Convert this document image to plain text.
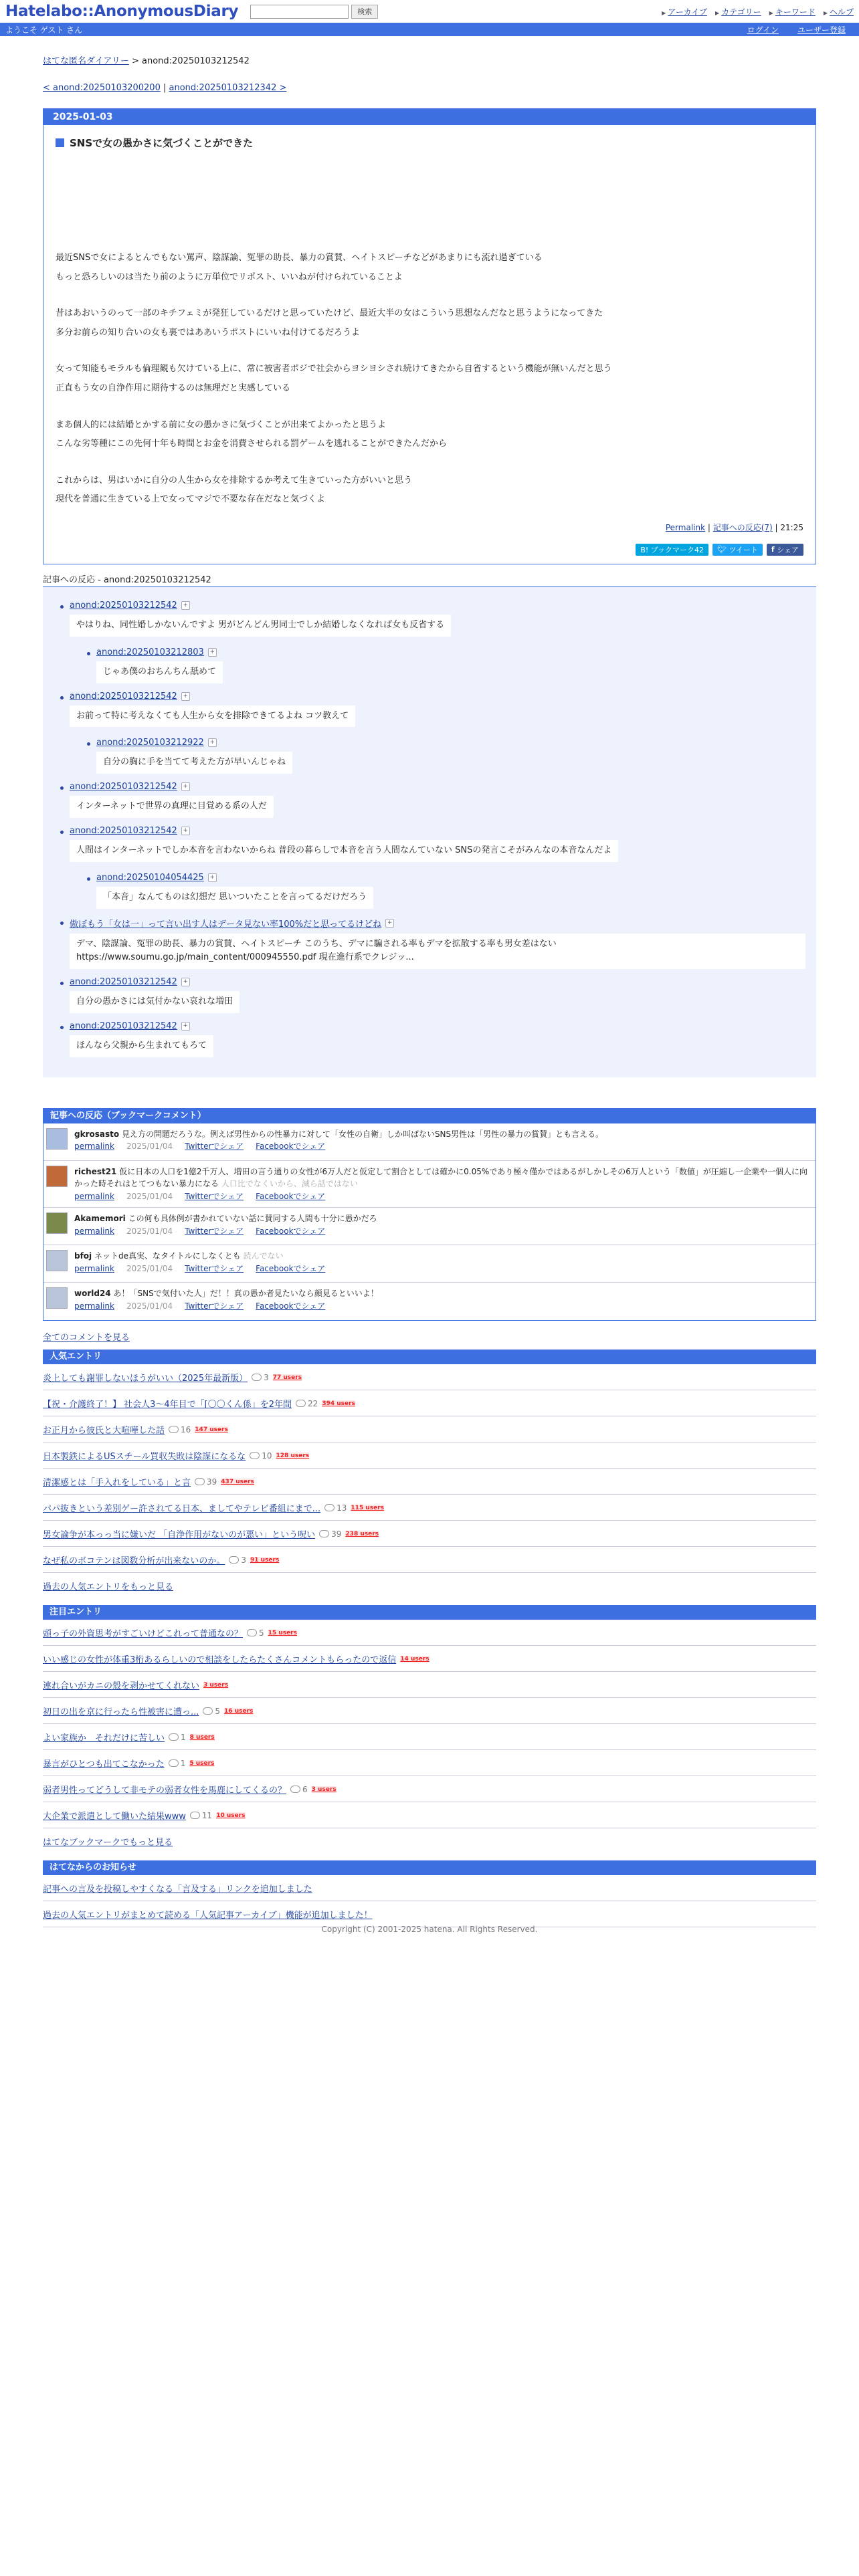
Hatelabo::AnonymousDiary	検索	▶ アーカイブ	▶ カテゴリー	▶ キーワード	▶ ヘルプ
ようこそ ゲスト さん	ログイン ユーザー登録
はてな匿名ダイアリー > anond:20250103212542
< anond:20250103200200 | anond:20250103212342 >
2025-01-03
SNSで女の愚かさに気づくことができた

最近SNSで女によるとんでもない罵声、陰謀論、冤罪の助長、暴力の賞賛、ヘイトスピーチなどがあまりにも流れ過ぎている
もっと恐ろしいのは当たり前のように万単位でリポスト、いいねが付けられていることよ

昔はあおいうのって一部のキチフェミが発狂しているだけと思っていたけど、最近大半の女はこういう思想なんだなと思うようになってきた
多分お前らの知り合いの女も裏ではああいうポストにいいね付けてるだろうよ

女って知能もモラルも倫理観も欠けている上に、常に被害者ポジで社会からヨシヨシされ続けてきたから自省するという機能が無いんだと思う
正直もう女の自浄作用に期待するのは無理だと実感している

まあ個人的には結婚とかする前に女の愚かさに気づくことが出来てよかったと思うよ
こんな劣等種にこの先何十年も時間とお金を消費させられる罰ゲームを逃れることができたんだから

これからは、男はいかに自分の人生から女を排除するか考えて生きていった方がいいと思う
現代を普通に生きている上で女ってマジで不要な存在だなと気づくよ

Permalink | 記事への反応(7) | 21:25
B! ブックマーク42	🐦︎
ツイート f
シェア
記事への反応 - anond:20250103212542
anond:20250103212542 +
やはりね、同性婚しかないんですよ 男がどんどん男同士でしか結婚しなくなれば女も反省する
anond:20250103212803 +
じゃあ僕のおちんちん舐めて
anond:20250103212542 +
お前って特に考えなくても人生から女を排除できてるよね コツ教えて
anond:20250103212922 +
自分の胸に手を当てて考えた方が早いんじゃね
anond:20250103212542 +
インターネットで世界の真理に目覚める系の人だ
anond:20250103212542 +
人間はインターネットでしか本音を言わないからね 普段の暮らしで本音を言う人間なんていない SNSの発言こそがみんなの本音なんだよ
anond:20250104054425 +
「本音」なんてものは幻想だ 思いついたことを言ってるだけだろう
傲ぼもう「女は一」って言い出す人はデータ見ない率100%だと思ってるけどね +
デマ、陰謀論、冤罪の助長、暴力の賞賛、ヘイトスピーチ このうち、デマに騙される率もデマを拡散する率も男女差はない https://www.soumu.go.jp/main_content/000945550.pdf 現在進行系でクレジッ...
anond:20250103212542 +
自分の愚かさには気付かない哀れな増田
anond:20250103212542 +
ほんなら父親から生まれてもろて
記事への反応（ブックマークコメント）
gkrosasto 見え方の問題だろうな。例えば男性からの性暴力に対して「女性の自衛」しか叫ばないSNS男性は「男性の暴力の賞賛」とも言える。
permalink 2025/01/04 Twitterでシェア Facebookでシェア
richest21 仮に日本の人口を1億2千万人、増田の言う通りの女性が6万人だと仮定して割合としては確かに0.05%であり極々僅かではあるがしかしその6万人という「数値」が圧縮し一企業や一個人に向かった時それはとてつもない暴力になる 人口比でなくいから、減ら話ではない
permalink 2025/01/04 Twitterでシェア Facebookでシェア
Akamemori この何も具体例が書かれていない話に賛同する人間も十分に愚かだろ
permalink 2025/01/04 Twitterでシェア Facebookでシェア
bfoj ネットde真実、なタイトルにしなくとも 読んでない
permalink 2025/01/04 Twitterでシェア Facebookでシェア
world24 あ！「SNSで気付いた人」だ！！真の愚か者見たいなら顔見るといいよ！
permalink 2025/01/04 Twitterでシェア Facebookでシェア
全てのコメントを見る
人気エントリ
炎上しても謝罪しないほうがいい（2025年最新版） 3 77 users
【祝・介護終了！】 社会人3～4年目で「[〇〇くん係」を2年間 22 394 users
お正月から彼氏と大喧嘩した話 16 147 users
日本製鉄によるUSスチール買収失敗は陰謀になるな 10 128 users
清潔感とは「手入れをしている」と言 39 437 users
パパ抜きという差別ゲー許されてる日本、ましてやテレビ番組にまで... 13 115 users
男女論争が本っっ当に嫌いだ 「自浄作用がないのが悪い」という呪い 39 238 users
なぜ私のボコテンは図数分析が出来ないのか。 3 91 users
過去の人気エントリをもっと見る
注目エントリ
頭っ子の外資思考がすごいけどこれって普通なの？ 5 15 users
いい感じの女性が体重3桁あるらしいので相談をしたらたくさんコメントもらったので返信 14 users
連れ合いがカニの殻を剥かせてくれない 3 users
初日の出を京に行ったら性被害に遭っ... 5 16 users
よい家族か　それだけに苦しい 1 8 users
暴言がひとつも出てこなかった 1 5 users
弱者男性ってどうして非モテの弱者女性を馬鹿にしてくるの？ 6 3 users
大企業で派遣として働いた結果www 11 10 users
はてなブックマークでもっと見る
はてなからのお知らせ
記事への言及を投稿しやすくなる「言及する」リンクを追加しました
過去の人気エントリがまとめて読める「人気記事アーカイブ」機能が追加しました！
Copyright (C) 2001-2025 hatena. All Rights Reserved.
